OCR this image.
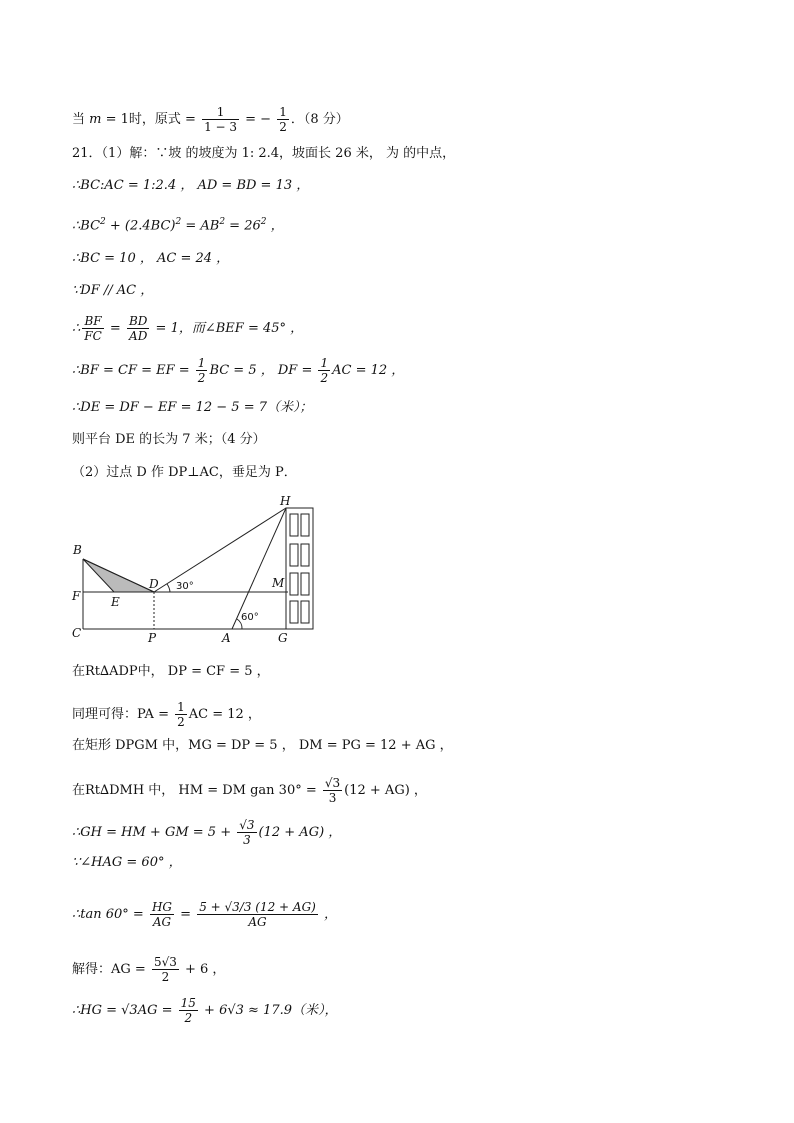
当 m = 1时，原式 = $\frac{1}{1 - 3}$ = − $\frac{1}{2}$ ．（8 分）
21．（1）解：∵坡 的坡度为 1: 2.4，坡面长 26 米， 为 的中点，
∴BC:AC = 1:2.4 ， AD = BD = 13 ，
$\therefore BC^2 + (2.4BC)^2 = AB^2 = 26^2$ ，
∴BC = 10 ， AC = 24 ，
∵DF // AC ，
∴ $\frac{BF}{FC} = \frac{BD}{AD} = 1$，而∠BEF = 45° ，
∴BF = CF = EF = $\frac{1}{2}$ BC = 5 ， DF = $\frac{1}{2}$ AC = 12 ，
∴DE = DF − EF = 12 − 5 = 7（米）；
则平台 DE 的长为 7 米；（4 分）
（2）过点 D 作 DP⊥AC，垂足为 P．
B
F
C
E
D
P	A	G
H
M
30°
60°
在Rt∆ADP中， DP = CF = 5 ，
同理可得：PA = $\frac{1}{2}$ AC = 12 ，
在矩形 DPGM 中，MG = DP = 5 ， DM = PG = 12 + AG ，
在Rt∆DMH 中， HM = DM gan $30^\circ = \frac{√3}{3} (12 + AG)$ ，
∴GH = HM + GM = $5 + \frac{√3}{3} (12 + AG)$ ，
∵∠HAG = 60° ，
∴tan $60^\circ = \frac{HG}{AG} = \frac{5 + √3/3 (12 + AG)}{AG}$ ，
解得：AG = $\frac{5√3}{2} + 6$ ，
∴HG = $√3AG = \frac{15}{2} + 6√3 \approx 17.9$（米），
